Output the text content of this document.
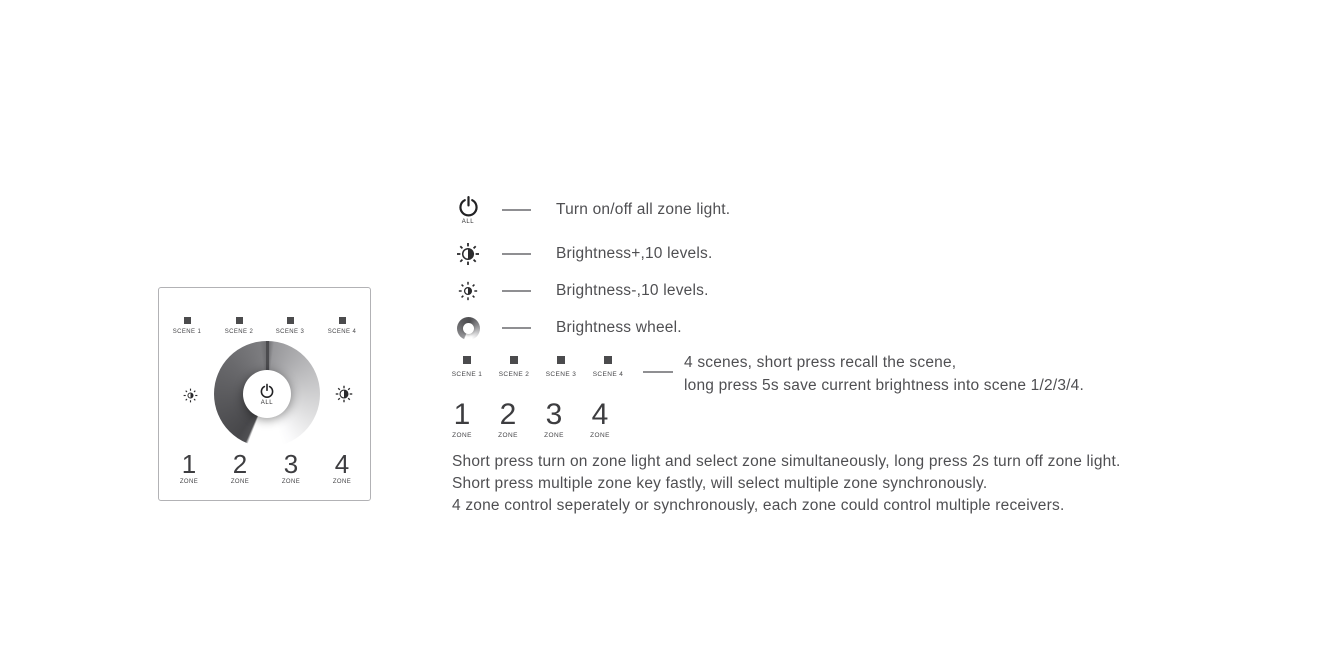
SCENE 1	SCENE 2	SCENE 3	SCENE 4
ALL
1
ZONE
2
ZONE
3
ZONE
4
ZONE
ALL
Turn on/off all zone light.
Brightness+,10 levels.
Brightness-,10 levels.
Brightness wheel.
SCENE 1	SCENE 2	SCENE 3	SCENE 4
4 scenes, short press recall the scene,
long press 5s save current brightness into scene 1/2/3/4.
1
ZONE
2
ZONE
3
ZONE
4
ZONE
Short press turn on zone light and select zone simultaneously, long press 2s turn off zone light.
Short press multiple zone key fastly, will select multiple zone synchronously.
4 zone control seperately or synchronously, each zone could control multiple receivers.
